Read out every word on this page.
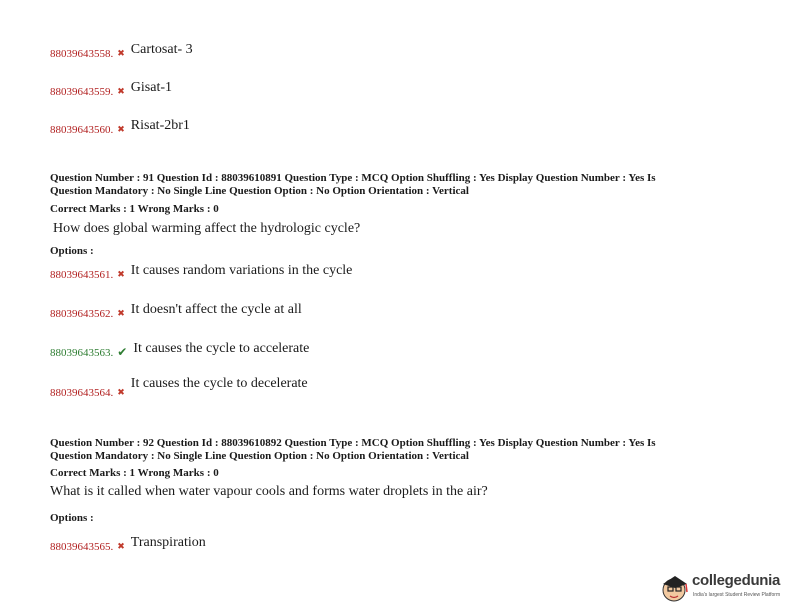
88039643558. ✖ Cartosat- 3
88039643559. ✖ Gisat-1
88039643560. ✖ Risat-2br1
Question Number : 91 Question Id : 88039610891 Question Type : MCQ Option Shuffling : Yes Display Question Number : Yes Is
Question Mandatory : No Single Line Question Option : No Option Orientation : Vertical
Correct Marks : 1 Wrong Marks : 0
How does global warming affect the hydrologic cycle?
Options :
88039643561. ✖ It causes random variations in the cycle
88039643562. ✖ It doesn't affect the cycle at all
88039643563. ✔ It causes the cycle to accelerate
88039643564. ✖It causes the cycle to decelerate
Question Number : 92 Question Id : 88039610892 Question Type : MCQ Option Shuffling : Yes Display Question Number : Yes Is
Question Mandatory : No Single Line Question Option : No Option Orientation : Vertical
Correct Marks : 1 Wrong Marks : 0
What is it called when water vapour cools and forms water droplets in the air?
Options :
88039643565. ✖ Transpiration
collegedunia
India's largest Student Review Platform
